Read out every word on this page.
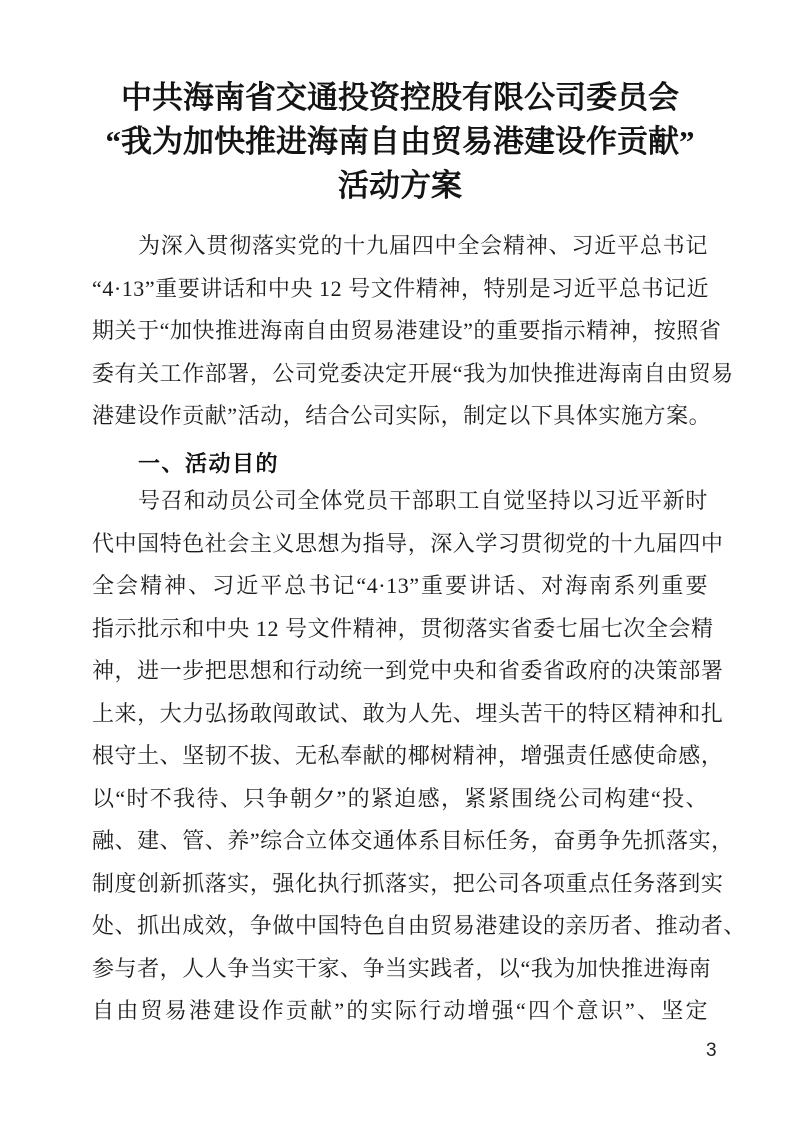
中共海南省交通投资控股有限公司委员会
“我为加快推进海南自由贸易港建设作贡献”
活动方案
为深入贯彻落实党的十九届四中全会精神、习近平总书记
“4·13”重要讲话和中央 12 号文件精神，特别是习近平总书记近
期关于“加快推进海南自由贸易港建设”的重要指示精神，按照省
委有关工作部署，公司党委决定开展“我为加快推进海南自由贸易
港建设作贡献”活动，结合公司实际，制定以下具体实施方案。
一、活动目的
号召和动员公司全体党员干部职工自觉坚持以习近平新时
代中国特色社会主义思想为指导，深入学习贯彻党的十九届四中
全会精神、习近平总书记“4·13”重要讲话、对海南系列重要
指示批示和中央 12 号文件精神，贯彻落实省委七届七次全会精
神，进一步把思想和行动统一到党中央和省委省政府的决策部署
上来，大力弘扬敢闯敢试、敢为人先、埋头苦干的特区精神和扎
根守土、坚韧不拔、无私奉献的椰树精神，增强责任感使命感，
以“时不我待、只争朝夕”的紧迫感，紧紧围绕公司构建“投、
融、建、管、养”综合立体交通体系目标任务，奋勇争先抓落实，
制度创新抓落实，强化执行抓落实，把公司各项重点任务落到实
处、抓出成效，争做中国特色自由贸易港建设的亲历者、推动者、
参与者，人人争当实干家、争当实践者，以“我为加快推进海南
自由贸易港建设作贡献”的实际行动增强“四个意识”、坚定
3
